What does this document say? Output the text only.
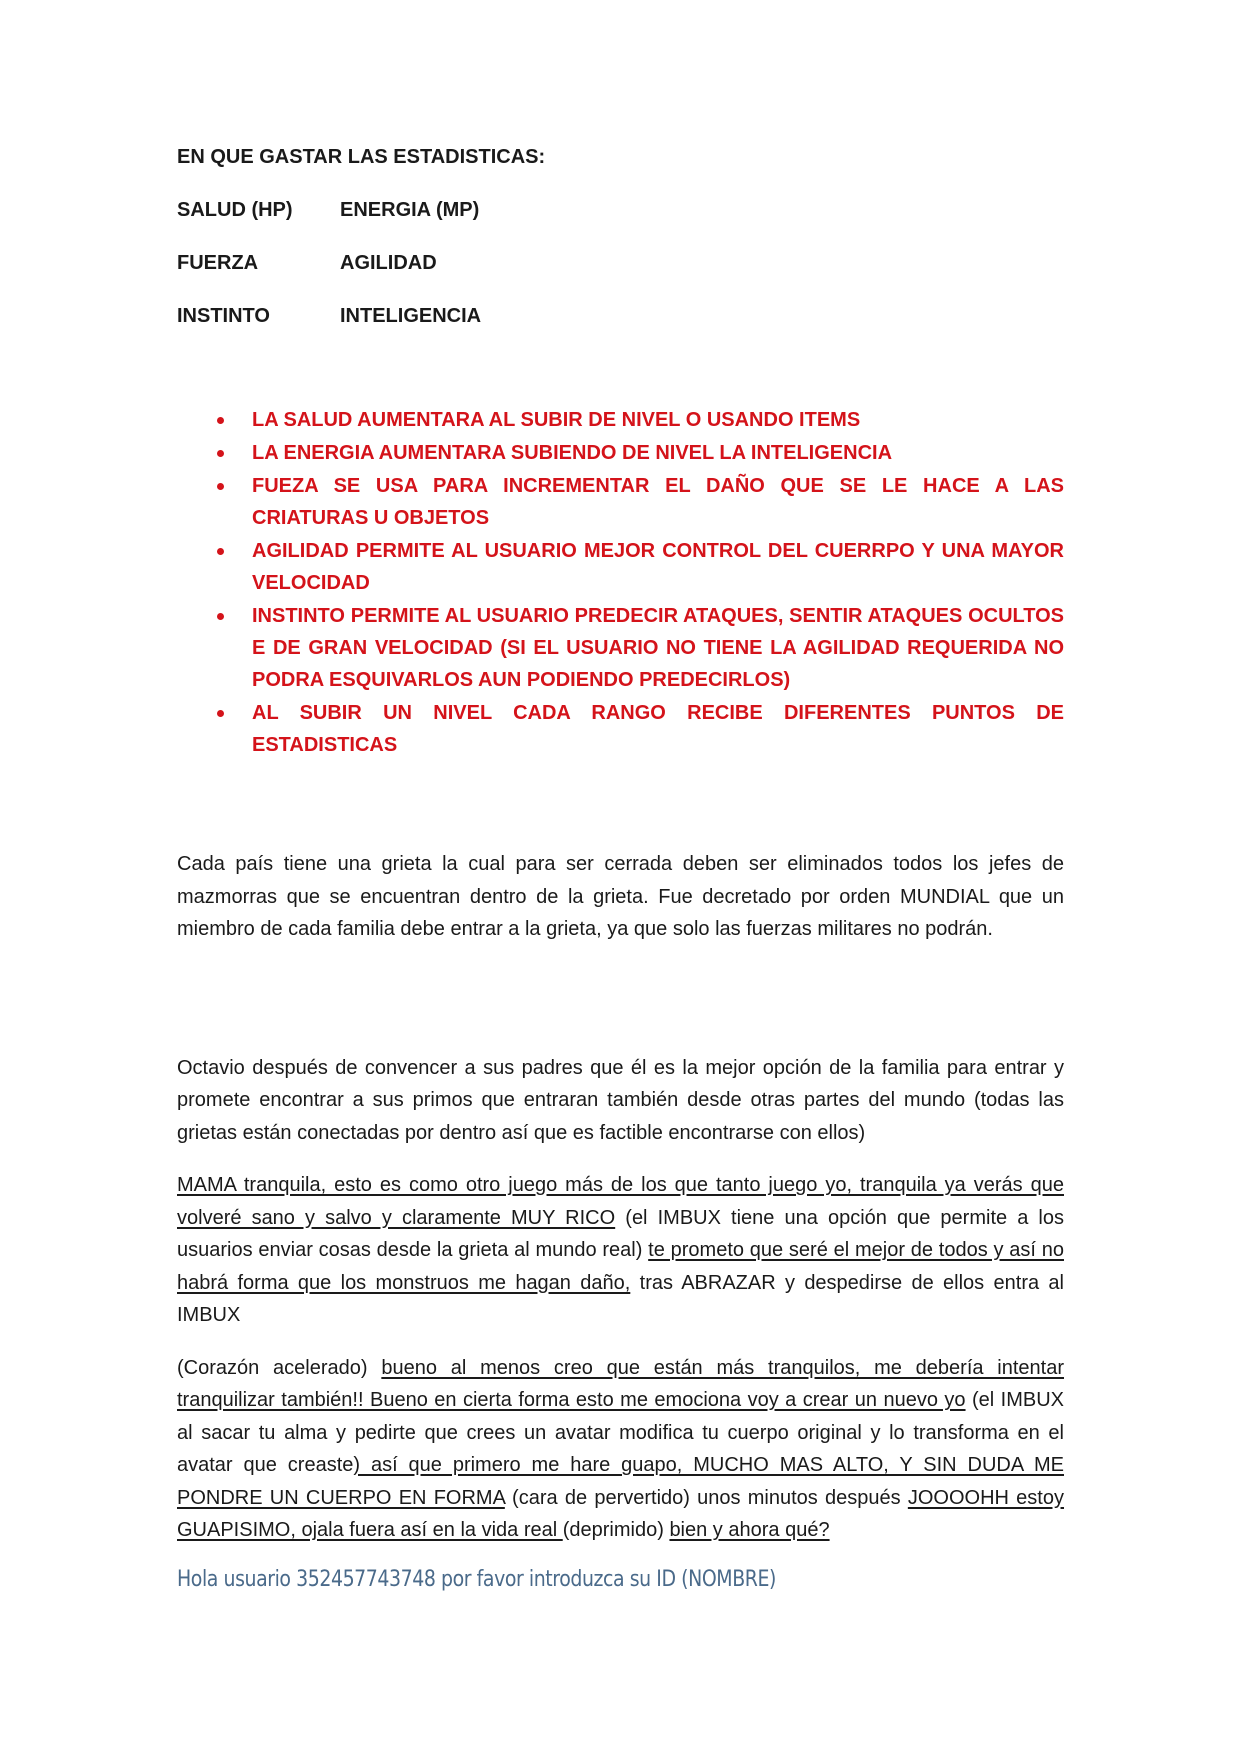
EN QUE GASTAR LAS ESTADISTICAS:
SALUD (HP)	ENERGIA (MP)
FUERZA	AGILIDAD
INSTINTO	INTELIGENCIA
LA SALUD AUMENTARA AL SUBIR DE NIVEL O USANDO ITEMS
LA ENERGIA AUMENTARA SUBIENDO DE NIVEL LA INTELIGENCIA
FUEZA SE USA PARA INCREMENTAR EL DAÑO QUE SE LE HACE A LAS CRIATURAS U OBJETOS
AGILIDAD PERMITE AL USUARIO MEJOR CONTROL DEL CUERRPO Y UNA MAYOR VELOCIDAD
INSTINTO PERMITE AL USUARIO PREDECIR ATAQUES, SENTIR ATAQUES OCULTOS E DE GRAN VELOCIDAD (SI EL USUARIO NO TIENE LA AGILIDAD REQUERIDA NO PODRA ESQUIVARLOS AUN PODIENDO PREDECIRLOS)
AL SUBIR UN NIVEL CADA RANGO RECIBE DIFERENTES PUNTOS DE ESTADISTICAS

Cada país tiene una grieta la cual para ser cerrada deben ser eliminados todos los jefes de mazmorras que se encuentran dentro de la grieta. Fue decretado por orden MUNDIAL que un miembro de cada familia debe entrar a la grieta, ya que solo las fuerzas militares no podrán.

Octavio después de convencer a sus padres que él es la mejor opción de la familia para entrar y promete encontrar a sus primos que entraran también desde otras partes del mundo (todas las grietas están conectadas por dentro así que es factible encontrarse con ellos)

MAMA tranquila, esto es como otro juego más de los que tanto juego yo, tranquila ya verás que volveré sano y salvo y claramente MUY RICO (el IMBUX tiene una opción que permite a los usuarios enviar cosas desde la grieta al mundo real) te prometo que seré el mejor de todos y así no habrá forma que los monstruos me hagan daño, tras ABRAZAR y despedirse de ellos entra al IMBUX

(Corazón acelerado) bueno al menos creo que están más tranquilos, me debería intentar tranquilizar también!! Bueno en cierta forma esto me emociona voy a crear un nuevo yo (el IMBUX al sacar tu alma y pedirte que crees un avatar modifica tu cuerpo original y lo transforma en el avatar que creaste) así que primero me hare guapo, MUCHO MAS ALTO, Y SIN DUDA ME PONDRE UN CUERPO EN FORMA (cara de pervertido) unos minutos después JOOOOHH estoy GUAPISIMO, ojala fuera así en la vida real (deprimido) bien y ahora qué?

Hola usuario 352457743748 por favor introduzca su ID (NOMBRE)
